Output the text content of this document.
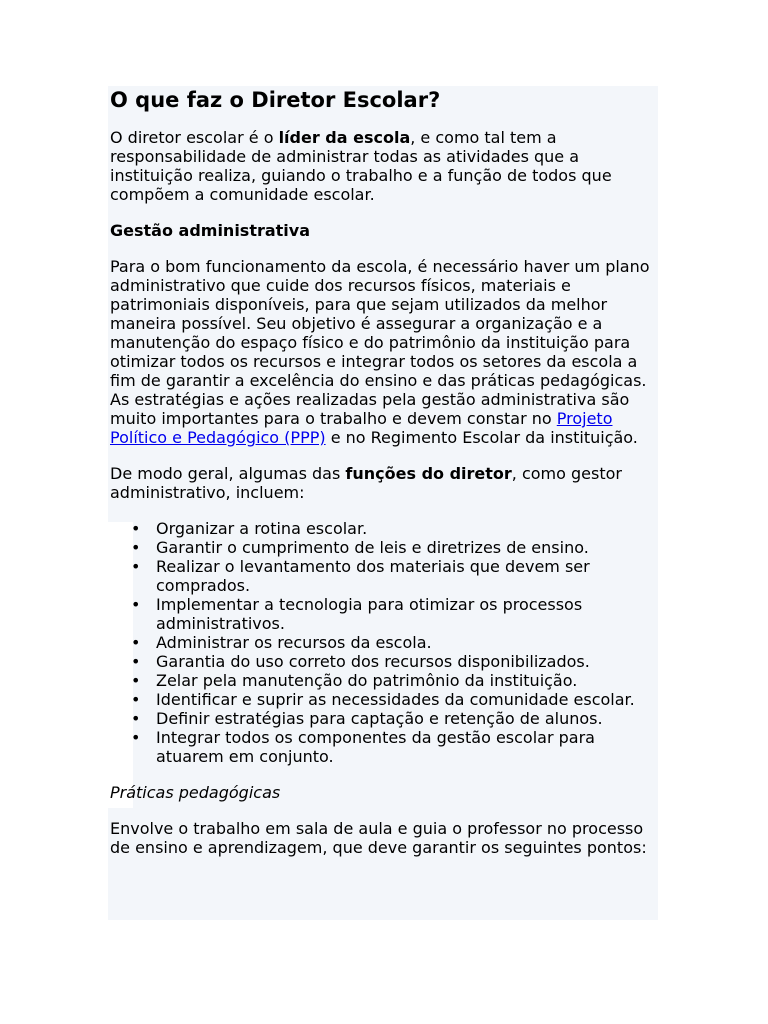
O que faz o Diretor Escolar?

O diretor escolar é o líder da escola, e como tal tem a responsabilidade de administrar todas as atividades que a instituição realiza, guiando o trabalho e a função de todos que compõem a comunidade escolar.

Gestão administrativa

Para o bom funcionamento da escola, é necessário haver um plano administrativo que cuide dos recursos físicos, materiais e patrimoniais disponíveis, para que sejam utilizados da melhor maneira possível. Seu objetivo é assegurar a organização e a manutenção do espaço físico e do patrimônio da instituição para otimizar todos os recursos e integrar todos os setores da escola a fim de garantir a excelência do ensino e das práticas pedagógicas. As estratégias e ações realizadas pela gestão administrativa são muito importantes para o trabalho e devem constar no Projeto Político e Pedagógico (PPP) e no Regimento Escolar da instituição.

De modo geral, algumas das funções do diretor, como gestor administrativo, incluem:

• Organizar a rotina escolar.
• Garantir o cumprimento de leis e diretrizes de ensino.
• Realizar o levantamento dos materiais que devem ser comprados.
• Implementar a tecnologia para otimizar os processos administrativos.
• Administrar os recursos da escola.
• Garantia do uso correto dos recursos disponibilizados.
• Zelar pela manutenção do patrimônio da instituição.
• Identificar e suprir as necessidades da comunidade escolar.
• Definir estratégias para captação e retenção de alunos.
• Integrar todos os componentes da gestão escolar para atuarem em conjunto.

Práticas pedagógicas

Envolve o trabalho em sala de aula e guia o professor no processo de ensino e aprendizagem, que deve garantir os seguintes pontos:
